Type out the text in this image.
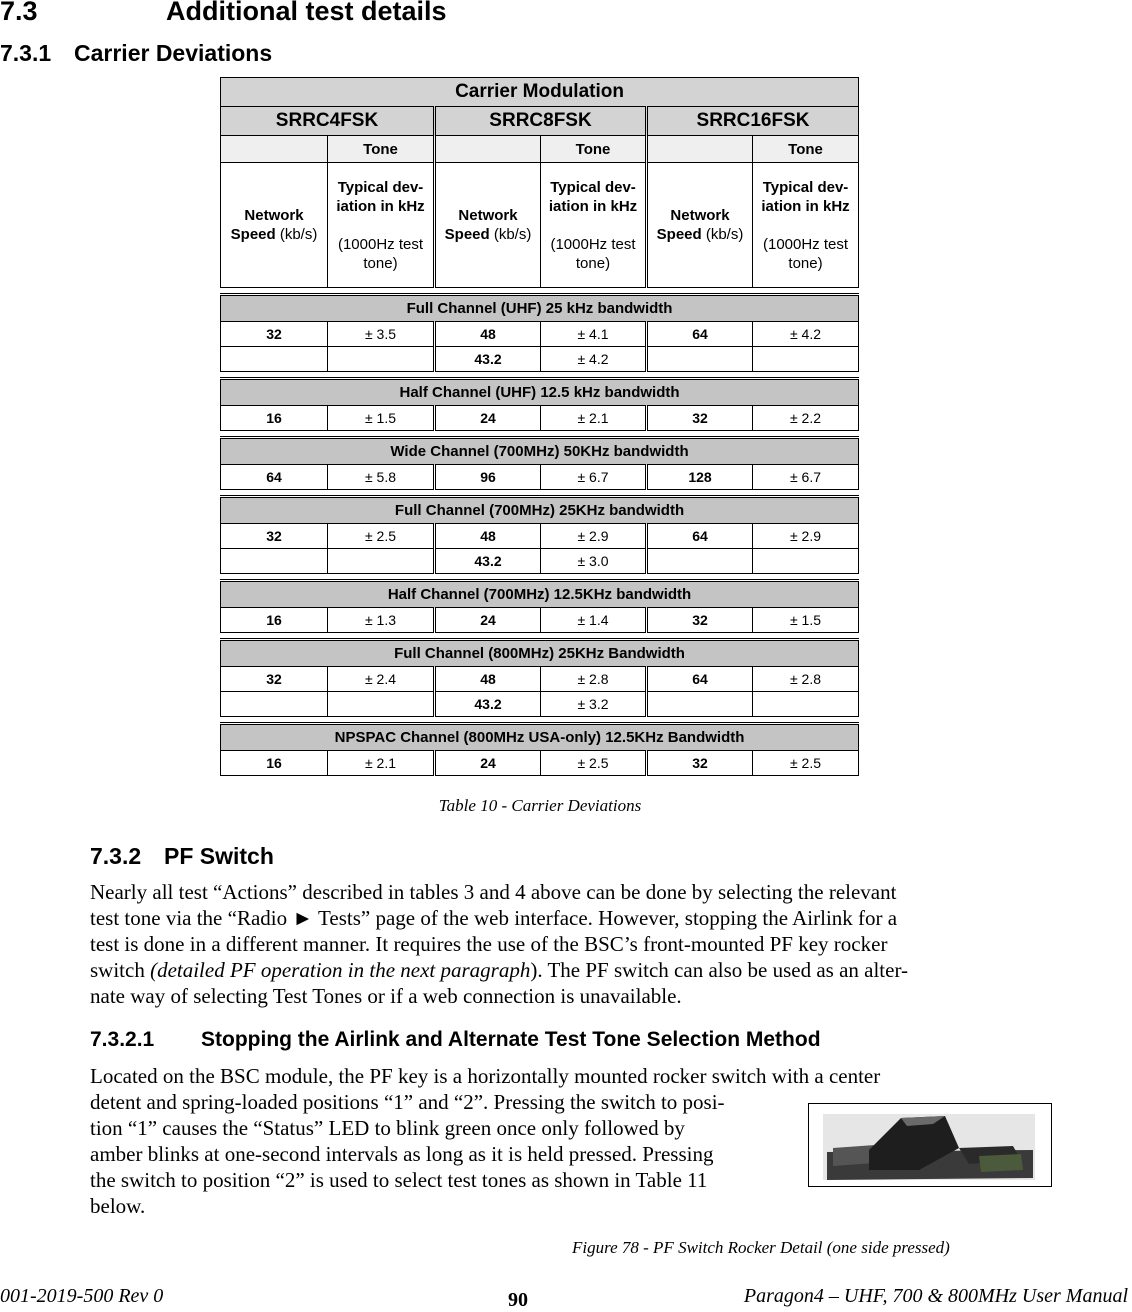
7.3	Additional test details
7.3.1 Carrier Deviations
Carrier Modulation					
SRRC4FSK		SRRC8FSK		SRRC16FSK	
	Tone		Tone		Tone
Network
Speed (kb/s)	Typical dev-
iation in kHz

(1000Hz test
tone)	Network
Speed (kb/s)	Typical dev-
iation in kHz

(1000Hz test
tone)	Network
Speed (kb/s)	Typical dev-
iation in kHz

(1000Hz test
tone)

Full Channel (UHF) 25 kHz bandwidth					
32	± 3.5	48	± 4.1	64	± 4.2
		43.2	± 4.2		

Half Channel (UHF) 12.5 kHz bandwidth					
16	± 1.5	24	± 2.1	32	± 2.2

Wide Channel (700MHz) 50KHz bandwidth					
64	± 5.8	96	± 6.7	128	± 6.7

Full Channel (700MHz) 25KHz bandwidth					
32	± 2.5	48	± 2.9	64	± 2.9
		43.2	± 3.0		

Half Channel (700MHz) 12.5KHz bandwidth					
16	± 1.3	24	± 1.4	32	± 1.5

Full Channel (800MHz) 25KHz Bandwidth					
32	± 2.4	48	± 2.8	64	± 2.8
		43.2	± 3.2		

NPSPAC Channel (800MHz USA-only) 12.5KHz Bandwidth					
16	± 2.1	24	± 2.5	32	± 2.5
Table 10 - Carrier Deviations
7.3.2 PF Switch
Nearly all test “Actions” described in tables 3 and 4 above can be done by selecting the relevant
test tone via the “Radio ► Tests” page of the web interface. However, stopping the Airlink for a
test is done in a different manner. It requires the use of the BSC’s front-mounted PF key rocker
switch (detailed PF operation in the next paragraph). The PF switch can also be used as an alter-
nate way of selecting Test Tones or if a web connection is unavailable.
7.3.2.1 Stopping the Airlink and Alternate Test Tone Selection Method
Located on the BSC module, the PF key is a horizontally mounted rocker switch with a center
detent and spring-loaded positions “1” and “2”. Pressing the switch to posi-
tion “1” causes the “Status” LED to blink green once only followed by
amber blinks at one-second intervals as long as it is held pressed. Pressing
the switch to position “2” is used to select test tones as shown in Table 11
below.
Figure 78 - PF Switch Rocker Detail (one side pressed)
001-2019-500 Rev 0	90	Paragon4 – UHF, 700 & 800MHz User Manual
